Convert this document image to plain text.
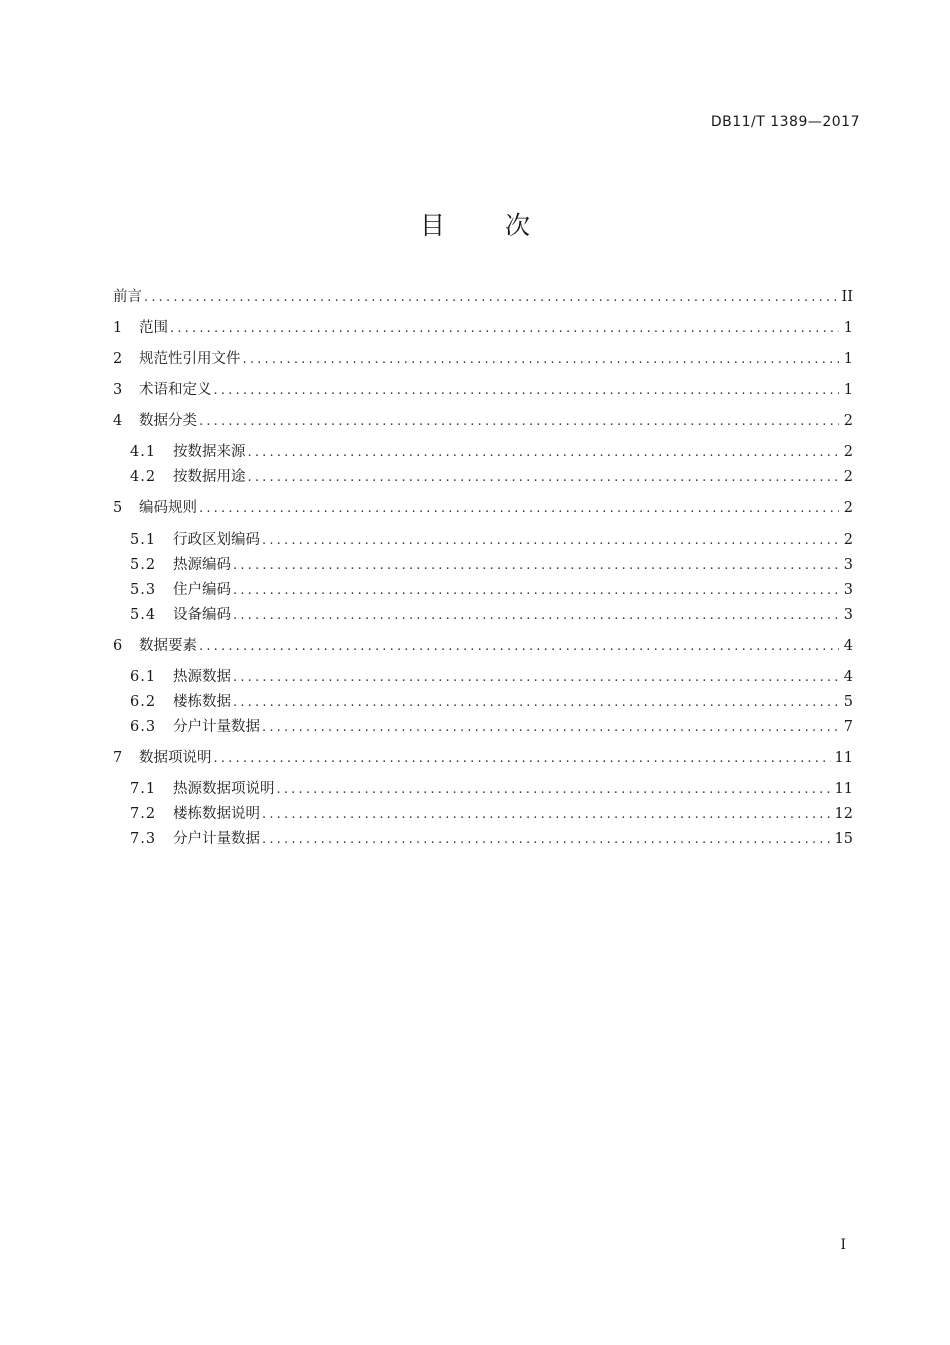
DB11/T 1389—2017
目 次
前言 .....	II
1	范围 .....	1
2	规范性引用文件 .....	1
3	术语和定义 .....	1
4	数据分类 .....	2
4.1	按数据来源 .....	2
4.2	按数据用途 .....	2
5	编码规则 .....	2
5.1	行政区划编码 .....	2
5.2	热源编码 .....	3
5.3	住户编码 .....	3
5.4	设备编码 .....	3
6	数据要素 .....	4
6.1	热源数据 .....	4
6.2	楼栋数据 .....	5
6.3	分户计量数据 .....	7
7	数据项说明 .....	11
7.1	热源数据项说明 .....	11
7.2	楼栋数据说明 .....	12
7.3	分户计量数据 .....	15
I
